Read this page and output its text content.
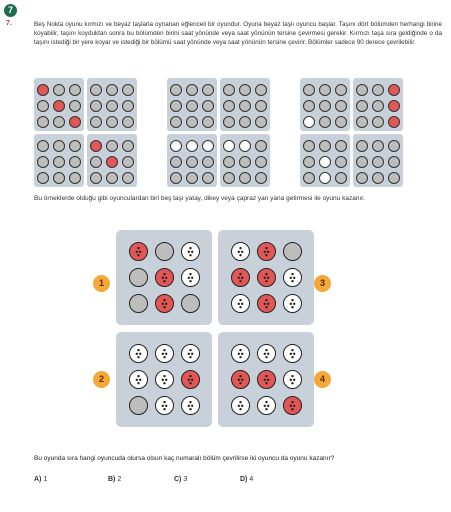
7
7.	Beş Nokta oyunu kırmızı ve beyaz taşlarla oynanan eğlenceli bir oyundur. Oyuna beyaz taşlı oyuncu başlar. Taşını dört bölümden herhangi birine koyabilir, taşını koyduktan sonra bu bölümden birini saat yönünde veya saat yönünün tersine çevirmesi gerekir. Kırmızı taşa sıra geldiğinde o da taşını istediği bir yere koyar ve istediği bir bölümü saat yönünde veya saat yönünün tersine çevirir. Bölümler sadece 90 derece çevrilebilir.
Bu örneklerde olduğu gibi oyunculardan biri beş taşı yatay, dikey veya çapraz yan yana getirmesi ile oyunu kazanır.
1
2
3
4
Bu oyunda sıra hangi oyuncuda olursa olsun kaç numaralı bölüm çevrilirse iki oyuncu da oyunu kazanır?
A) 1	B) 2	C) 3	D) 4
